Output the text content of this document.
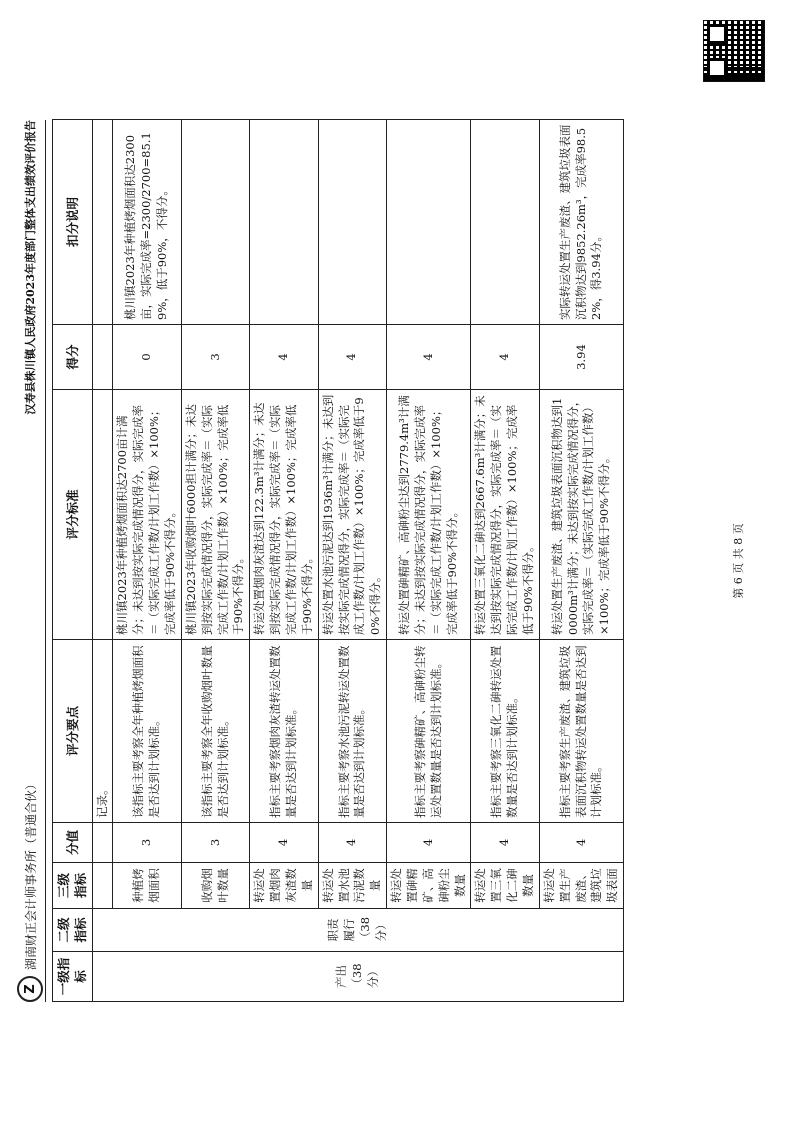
Z
湖南财正会计师事务所（普通合伙）
汉寿县株川镇人民政府2023年度部门整体支出绩效评价报告
一级指标	二级指标	三级指标	分值	评分要点	评分标准	得分	扣分说明
产出（38分）	职责履行（38分）			记录。			
		种植烤烟面积	3	该指标主要考察全年种植烤烟面积是否达到计划标准。	桃川镇2023年种植烤烟面积达2700亩计满分；未达到按实际完成情况得分，实际完成率＝（实际完成工作数/计划工作数）×100%；完成率低于90%不得分。	0	桃川镇2023年种植烤烟面积达2300亩，实际完成率=2300/2700=85.19%，低于90%，不得分。
		收购烟叶数量	3	该指标主要考察全年收购烟叶数量是否达到计划标准。	桃川镇2023年收购烟叶6000担计满分；未达到按实际完成情况得分，实际完成率＝（实际完成工作数/计划工作数）×100%；完成率低于90%不得分。	3	
		转运处置烟肉灰渣数量	4	指标主要考察烟肉灰渣转运处置数量是否达到计划标准。	转运处置烟肉灰渣达到122.3m³计满分；未达到按实际完成情况得分，实际完成率＝（实际完成工作数/计划工作数）×100%；完成率低于90%不得分。	4	
		转运处置水池污泥数量	4	指标主要考察水池污泥转运处置数量是否达到计划标准。	转运处置水池污泥达到1936m³计满分；未达到按实际完成情况得分，实际完成率＝（实际完成工作数/计划工作数）×100%；完成率低于90%不得分。	4	
		转运处置砷精矿、高砷粉尘数量	4	指标主要考察砷精矿、高砷粉尘转运处置数量是否达到计划标准。	转运处置砷精矿、高砷粉尘达到2779.4m³计满分；未达到按实际完成情况得分，实际完成率＝（实际完成工作数/计划工作数）×100%；完成率低于90%不得分。	4	
		转运处置三氧化二砷数量	4	指标主要考察三氧化二砷转运处置数量是否达到计划标准。	转运处置三氧化二砷达到2667.6m³计满分；未达到按实际完成情况得分，实际完成率＝（实际完成工作数/计划工作数）×100%；完成率低于90%不得分。	4	
		转运处置生产废渣、建筑垃圾表面	4	指标主要考察生产废渣、建筑垃圾表面沉积物转运处置数量是否达到计划标准。	转运处置生产废渣、建筑垃圾表面沉积物达到10000m³计满分；未达到按实际完成情况得分，实际完成率＝（实际完成工作数/计划工作数）×100%；完成率低于90%不得分。	3.94	实际转运处置生产废渣、建筑垃圾表面沉积物达到9852.26m³，完成率98.52%，得3.94分。
第 6 页 共 8 页
